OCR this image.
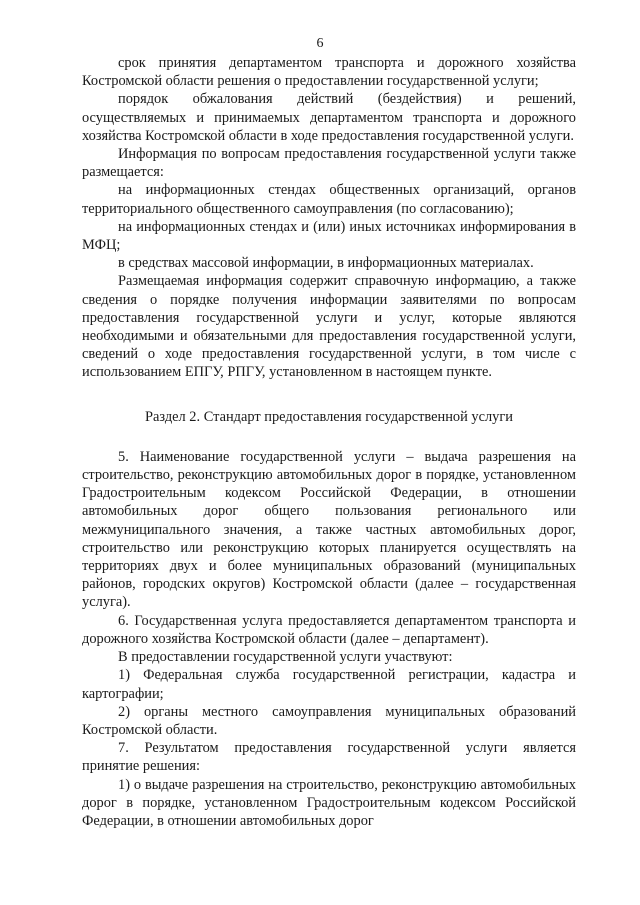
6

срок принятия департаментом транспорта и дорожного хозяйства Костромской области решения о предоставлении государственной услуги;

порядок обжалования действий (бездействия) и решений, осуществляемых и принимаемых департаментом транспорта и дорожного хозяйства Костромской области в ходе предоставления государственной услуги.

Информация по вопросам предоставления государственной услуги также размещается:

на информационных стендах общественных организаций, органов территориального общественного самоуправления (по согласованию);

на информационных стендах и (или) иных источниках информирования в МФЦ;

в средствах массовой информации, в информационных материалах.

Размещаемая информация содержит справочную информацию, а также сведения о порядке получения информации заявителями по вопросам предоставления государственной услуги и услуг, которые являются необходимыми и обязательными для предоставления государственной услуги, сведений о ходе предоставления государственной услуги, в том числе с использованием ЕПГУ, РПГУ, установленном в настоящем пункте.

Раздел 2. Стандарт предоставления государственной услуги

5. Наименование государственной услуги – выдача разрешения на строительство, реконструкцию автомобильных дорог в порядке, установленном Градостроительным кодексом Российской Федерации, в отношении автомобильных дорог общего пользования регионального или межмуниципального значения, а также частных автомобильных дорог, строительство или реконструкцию которых планируется осуществлять на территориях двух и более муниципальных образований (муниципальных районов, городских округов) Костромской области (далее – государственная услуга).

6. Государственная услуга предоставляется департаментом транспорта и дорожного хозяйства Костромской области (далее – департамент).

В предоставлении государственной услуги участвуют:

1) Федеральная служба государственной регистрации, кадастра и картографии;

2) органы местного самоуправления муниципальных образований Костромской области.

7. Результатом предоставления государственной услуги является принятие решения:

1) о выдаче разрешения на строительство, реконструкцию автомобильных дорог в порядке, установленном Градостроительным кодексом Российской Федерации, в отношении автомобильных дорог
